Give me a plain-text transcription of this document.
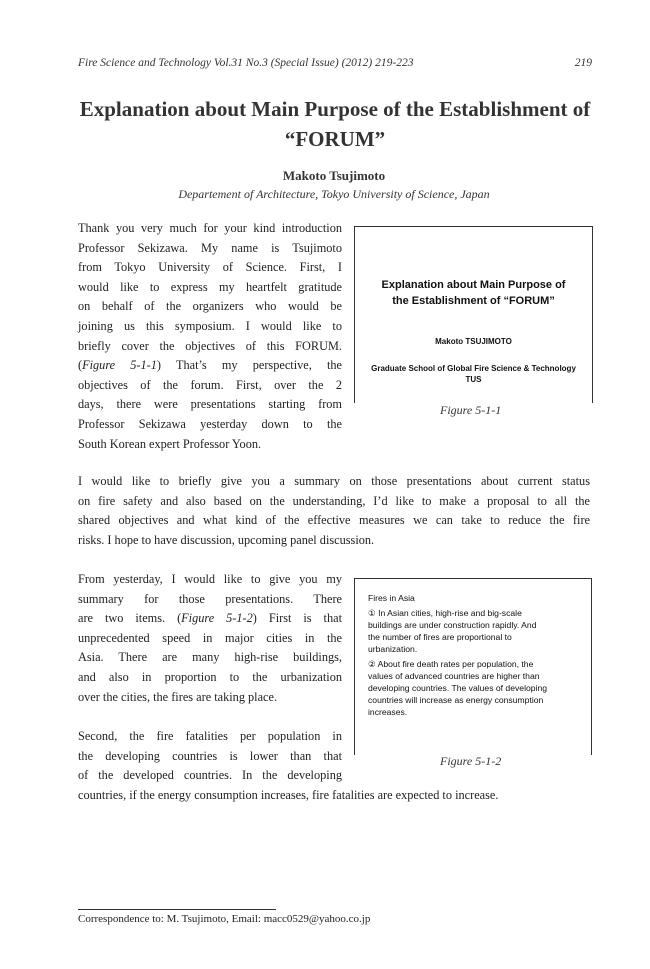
Fire Science and Technology Vol.31 No.3 (Special Issue) (2012) 219-223	219
Explanation about Main Purpose of the Establishment of
“FORUM”
Makoto Tsujimoto
Departement of Architecture, Tokyo University of Science, Japan
Thank you very much for your kind introduction
Professor Sekizawa. My name is Tsujimoto
from Tokyo University of Science. First, I
would like to express my heartfelt gratitude
on behalf of the organizers who would be
joining us this symposium. I would like to
briefly cover the objectives of this FORUM.
(Figure 5-1-1) That’s my perspective, the
objectives of the forum. First, over the 2
days, there were presentations starting from
Professor Sekizawa yesterday down to the
South Korean expert Professor Yoon.
I would like to briefly give you a summary on those presentations about current status
on fire safety and also based on the understanding, I’d like to make a proposal to all the
shared objectives and what kind of the effective measures we can take to reduce the fire
risks. I hope to have discussion, upcoming panel discussion.
From yesterday, I would like to give you my
summary for those presentations. There
are two items. (Figure 5-1-2) First is that
unprecedented speed in major cities in the
Asia. There are many high-rise buildings,
and also in proportion to the urbanization
over the cities, the fires are taking place.
Second, the fire fatalities per population in
the developing countries is lower than that
of the developed countries. In the developing
countries, if the energy consumption increases, fire fatalities are expected to increase.
Explanation about Main Purpose of
the Establishment of “FORUM”
Makoto TSUJIMOTO
Graduate School of Global Fire Science & Technology
TUS
Figure 5-1-1
Fires in Asia
① In Asian cities, high-rise and big-scale
buildings are under construction rapidly. And
the number of fires are proportional to
urbanization.
② About fire death rates per population, the
values of advanced countries are higher than
developing countries. The values of developing
countries will increase as energy consumption
increases.
Figure 5-1-2
Correspondence to: M. Tsujimoto, Email: macc0529@yahoo.co.jp
